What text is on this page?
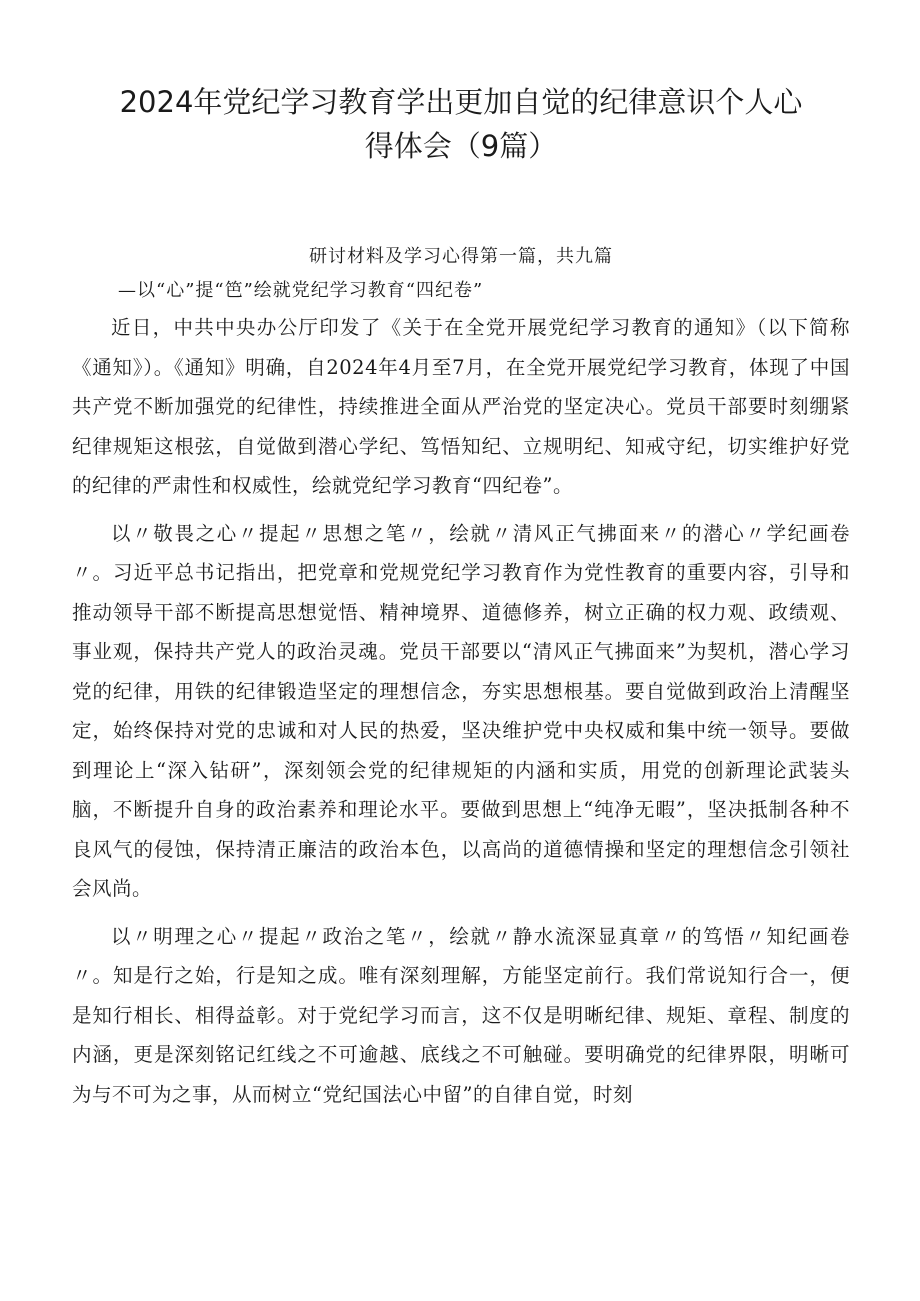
2024年党纪学习教育学出更加自觉的纪律意识个人心
得体会（9篇）
研讨材料及学习心得第一篇，共九篇
—以“心”提“笆”绘就党纪学习教育“四纪卷”

近日，中共中央办公厅印发了《关于在全党开展党纪学习教育的通知》（以下简称《通知》）。《通知》明确，自2024年4月至7月，在全党开展党纪学习教育，体现了中国共产党不断加强党的纪律性，持续推进全面从严治党的坚定决心。党员干部要时刻绷紧纪律规矩这根弦，自觉做到潜心学纪、笃悟知纪、立规明纪、知戒守纪，切实维护好党的纪律的严肃性和权威性，绘就党纪学习教育“四纪卷”。

以〃敬畏之心〃提起〃思想之笔〃，绘就〃清风正气拂面来〃的潜心〃学纪画卷〃。习近平总书记指出，把党章和党规党纪学习教育作为党性教育的重要内容，引导和推动领导干部不断提高思想觉悟、精神境界、道德修养，树立正确的权力观、政绩观、事业观，保持共产党人的政治灵魂。党员干部要以“清风正气拂面来”为契机，潜心学习党的纪律，用铁的纪律锻造坚定的理想信念，夯实思想根基。要自觉做到政治上清醒坚定，始终保持对党的忠诚和对人民的热爱，坚决维护党中央权威和集中统一领导。要做到理论上“深入钻研”，深刻领会党的纪律规矩的内涵和实质，用党的创新理论武装头脑，不断提升自身的政治素养和理论水平。要做到思想上“纯净无暇”，坚决抵制各种不良风气的侵蚀，保持清正廉洁的政治本色，以高尚的道德情操和坚定的理想信念引领社会风尚。

以〃明理之心〃提起〃政治之笔〃，绘就〃静水流深显真章〃的笃悟〃知纪画卷〃。知是行之始，行是知之成。唯有深刻理解，方能坚定前行。我们常说知行合一，便是知行相长、相得益彰。对于党纪学习而言，这不仅是明晰纪律、规矩、章程、制度的内涵，更是深刻铭记红线之不可逾越、底线之不可触碰。要明确党的纪律界限，明晰可为与不可为之事，从而树立“党纪国法心中留”的自律自觉，时刻
